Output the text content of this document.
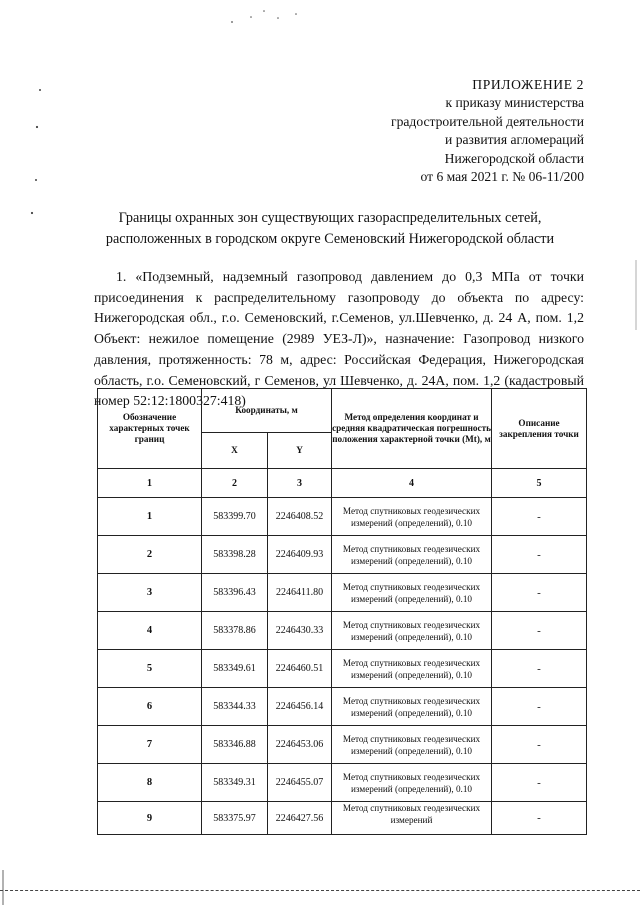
ПРИЛОЖЕНИЕ 2
к приказу министерства
градостроительной деятельности
и развития агломераций
Нижегородской области
от 6 мая 2021 г. № 06-11/200
Границы охранных зон существующих газораспределительных сетей,
расположенных в городском округе Семеновский Нижегородской области
1. «Подземный, надземный газопровод давлением до 0,3 МПа от точки присоединения к распределительному газопроводу до объекта по адресу: Нижегородская обл., г.о. Семеновский, г.Семенов, ул.Шевченко, д. 24 А, пом. 1,2 Объект: нежилое помещение (2989 УЕЗ-Л)», назначение: Газопровод низкого давления, протяженность: 78 м, адрес: Российская Федерация, Нижегородская область, г.о. Семеновский, г Семенов, ул Шевченко, д. 24А, пом. 1,2 (кадастровый номер 52:12:1800327:418)
Обозначение характерных точек границ	Координаты, м		Метод определения координат и средняя квадратическая погрешность положения характерной точки (Mt), м	Описание закрепления точки
	X	Y		
1	2	3	4	5
1	583399.70	2246408.52	Метод спутниковых геодезических измерений (определений), 0.10	-
2	583398.28	2246409.93	Метод спутниковых геодезических измерений (определений), 0.10	-
3	583396.43	2246411.80	Метод спутниковых геодезических измерений (определений), 0.10	-
4	583378.86	2246430.33	Метод спутниковых геодезических измерений (определений), 0.10	-
5	583349.61	2246460.51	Метод спутниковых геодезических измерений (определений), 0.10	-
6	583344.33	2246456.14	Метод спутниковых геодезических измерений (определений), 0.10	-
7	583346.88	2246453.06	Метод спутниковых геодезических измерений (определений), 0.10	-
8	583349.31	2246455.07	Метод спутниковых геодезических измерений (определений), 0.10	-
9	583375.97	2246427.56	Метод спутниковых геодезических измерений	-
